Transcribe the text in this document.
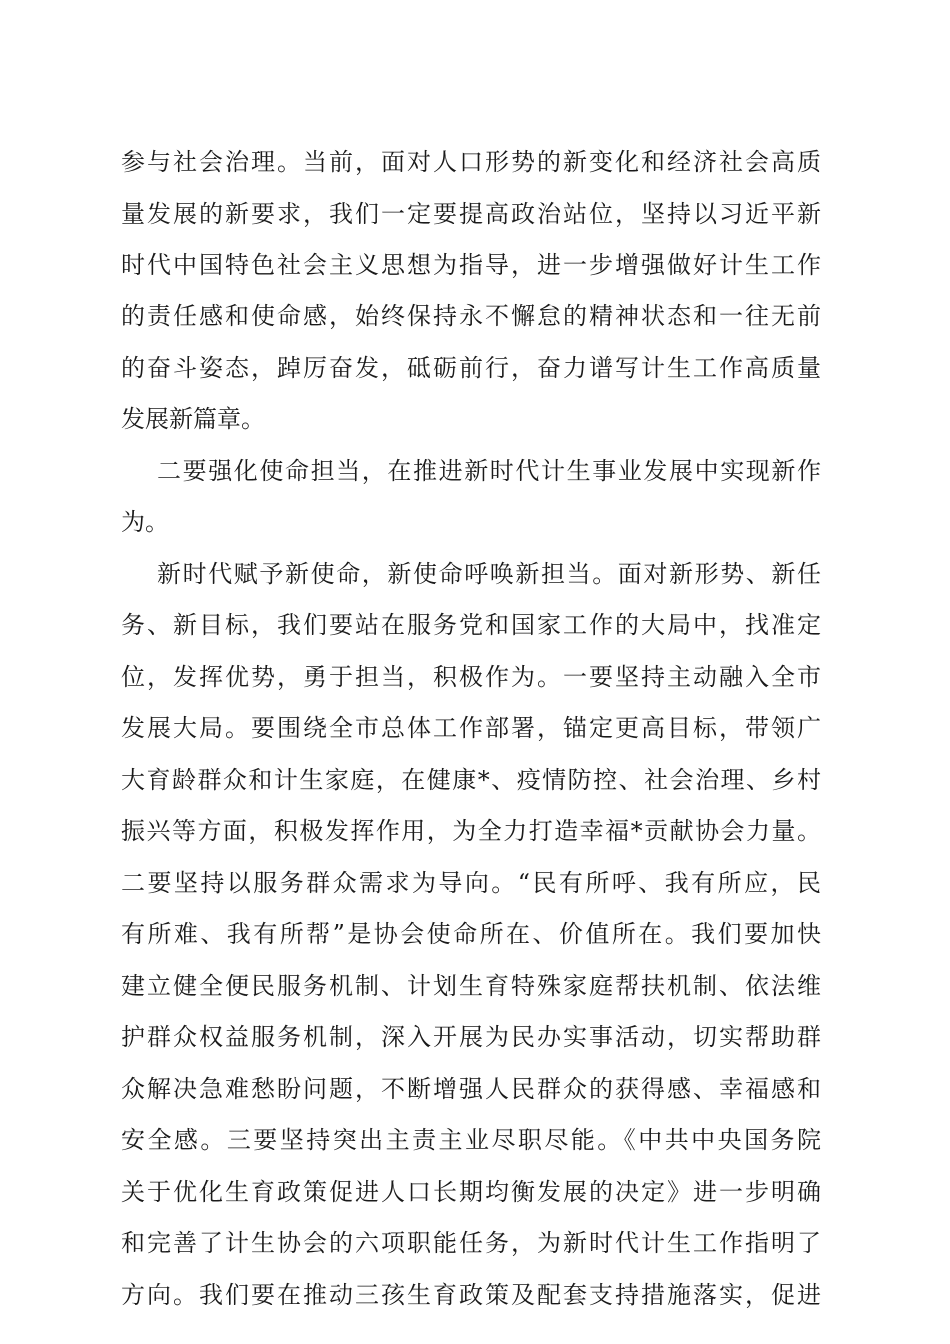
参与社会治理。当前，面对人口形势的新变化和经济社会高质
量发展的新要求，我们一定要提高政治站位，坚持以习近平新
时代中国特色社会主义思想为指导，进一步增强做好计生工作
的责任感和使命感，始终保持永不懈怠的精神状态和一往无前
的奋斗姿态，踔厉奋发，砥砺前行，奋力谱写计生工作高质量
发展新篇章。
二要强化使命担当，在推进新时代计生事业发展中实现新作
为。
新时代赋予新使命，新使命呼唤新担当。面对新形势、新任
务、新目标，我们要站在服务党和国家工作的大局中，找准定
位，发挥优势，勇于担当，积极作为。一要坚持主动融入全市
发展大局。要围绕全市总体工作部署，锚定更高目标，带领广
大育龄群众和计生家庭，在健康*、疫情防控、社会治理、乡村
振兴等方面，积极发挥作用，为全力打造幸福*贡献协会力量。
二要坚持以服务群众需求为导向。“民有所呼、我有所应，民
有所难、我有所帮”是协会使命所在、价值所在。我们要加快
建立健全便民服务机制、计划生育特殊家庭帮扶机制、依法维
护群众权益服务机制，深入开展为民办实事活动，切实帮助群
众解决急难愁盼问题，不断增强人民群众的获得感、幸福感和
安全感。三要坚持突出主责主业尽职尽能。《中共中央国务院
关于优化生育政策促进人口长期均衡发展的决定》进一步明确
和完善了计生协会的六项职能任务，为新时代计生工作指明了
方向。我们要在推动三孩生育政策及配套支持措施落实，促进
